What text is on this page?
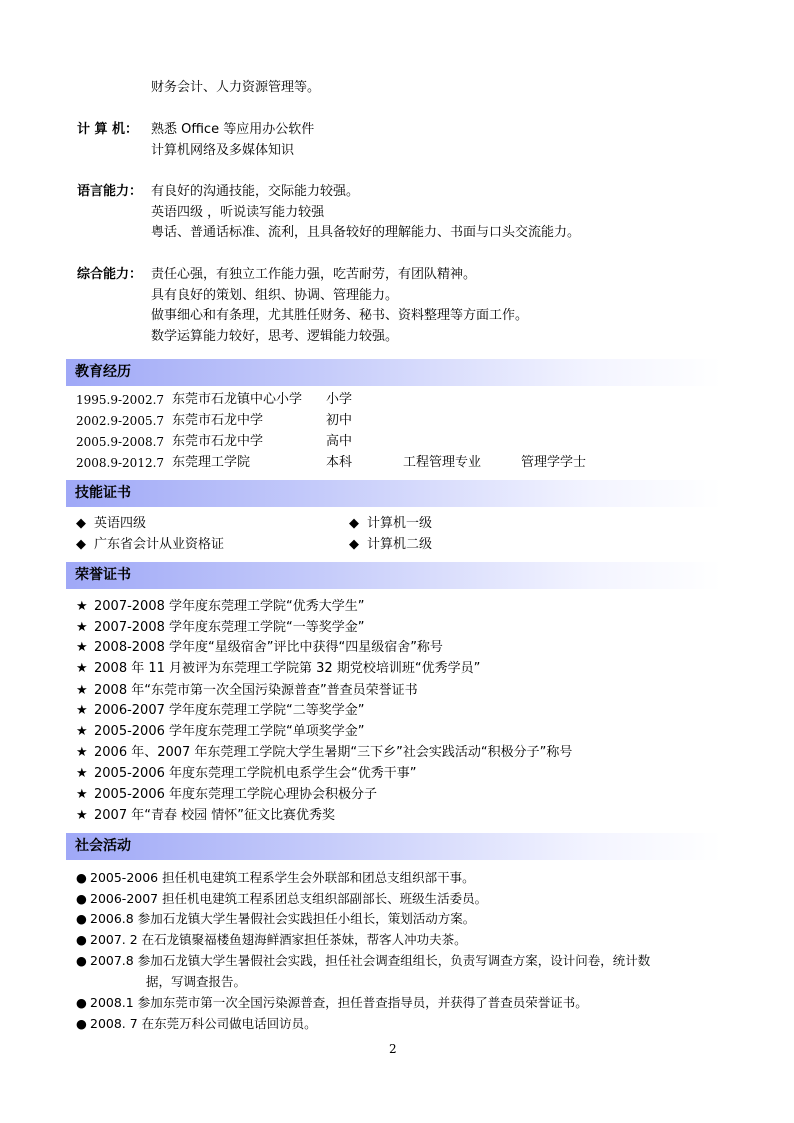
财务会计、人力资源管理等。
计 算 机： 熟悉 Office 等应用办公软件
计算机网络及多媒体知识
语言能力： 有良好的沟通技能，交际能力较强。
英语四级 ，听说读写能力较强
粤话、普通话标准、流利，且具备较好的理解能力、书面与口头交流能力。
综合能力： 责任心强，有独立工作能力强，吃苦耐劳，有团队精神。
具有良好的策划、组织、协调、管理能力。
做事细心和有条理，尤其胜任财务、秘书、资料整理等方面工作。
数学运算能力较好，思考、逻辑能力较强。
教育经历
1995.9-2002.7 东莞市石龙镇中心小学 小学
2002.9-2005.7 东莞市石龙中学	初中
2005.9-2008.7 东莞市石龙中学	高中
2008.9-2012.7 东莞理工学院	本科	工程管理专业	管理学学士
技能证书
◆ 英语四级	◆ 计算机一级
◆ 广东省会计从业资格证	◆ 计算机二级
荣誉证书
★ 2007-2008 学年度东莞理工学院“优秀大学生”
★ 2007-2008 学年度东莞理工学院“一等奖学金”
★ 2008-2008 学年度“星级宿舍”评比中获得“四星级宿舍”称号
★ 2008 年 11 月被评为东莞理工学院第 32 期党校培训班“优秀学员”
★ 2008 年“东莞市第一次全国污染源普查”普查员荣誉证书
★ 2006-2007 学年度东莞理工学院“二等奖学金”
★ 2005-2006 学年度东莞理工学院“单项奖学金”
★ 2006 年、2007 年东莞理工学院大学生暑期“三下乡”社会实践活动“积极分子”称号
★ 2005-2006 年度东莞理工学院机电系学生会“优秀干事”
★ 2005-2006 年度东莞理工学院心理协会积极分子
★ 2007 年“青春 校园 情怀”征文比赛优秀奖
社会活动
● 2005-2006 担任机电建筑工程系学生会外联部和团总支组织部干事。
● 2006-2007 担任机电建筑工程系团总支组织部副部长、班级生活委员。
● 2006.8 参加石龙镇大学生暑假社会实践担任小组长，策划活动方案。
● 2007. 2 在石龙镇聚福楼鱼翅海鲜酒家担任茶妹，帮客人冲功夫茶。
● 2007.8 参加石龙镇大学生暑假社会实践，担任社会调查组组长，负责写调查方案，设计问卷，统计数
据，写调查报告。
● 2008.1 参加东莞市第一次全国污染源普查，担任普查指导员，并获得了普查员荣誉证书。
● 2008. 7 在东莞万科公司做电话回访员。
2
